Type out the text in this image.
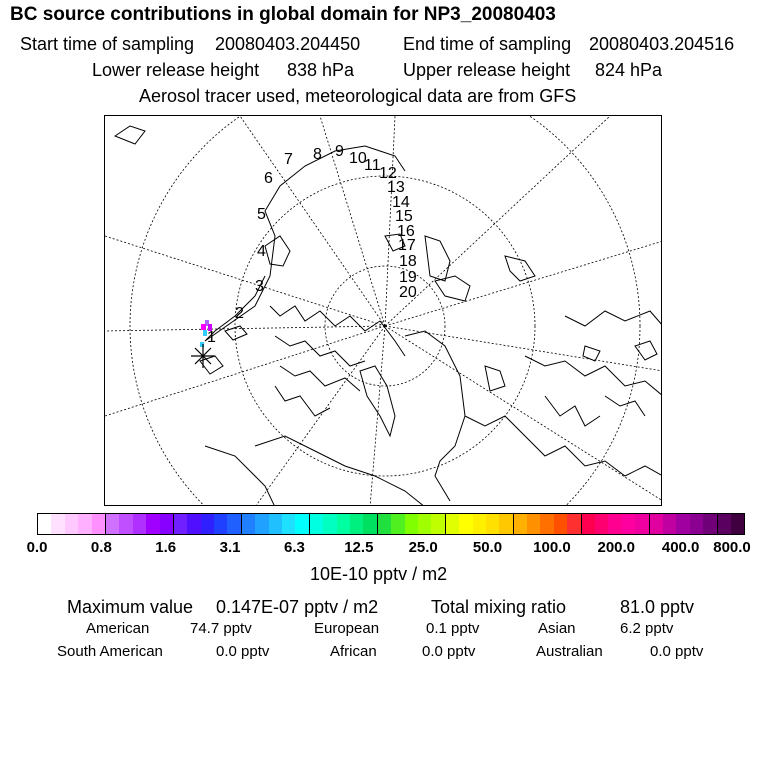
BC source contributions in global domain for NP3_20080403
Start time of sampling 20080403.204450 End time of sampling 20080403.204516
Lower release height 838 hPa	Upper release height 824 hPa
Aerosol tracer used, meteorological data are from GFS
1
2
3
4
5
6
7 8 9 10
11
12
13
14
15
16
17
18
19
20
0.0	0.8	1.6	3.1	6.3	12.5 25.0 50.0 100.0 200.0 400.0 800.0
10E-10 pptv / m2
Maximum value 0.147E-07 pptv / m2	Total mixing ratio	81.0 pptv
American	74.7 pptv	European	0.1 pptv	Asian	6.2 pptv
South American	0.0 pptv	African	0.0 pptv	Australian	0.0 pptv
